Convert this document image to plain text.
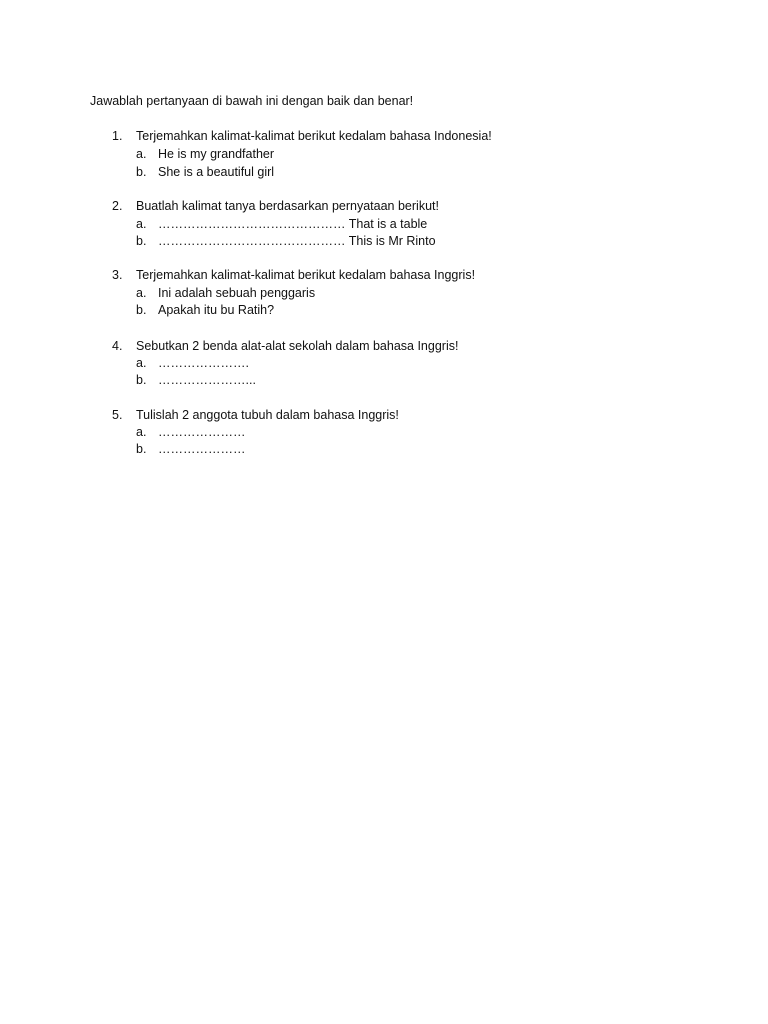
Jawablah pertanyaan di bawah ini dengan baik dan benar!
1. Terjemahkan kalimat-kalimat berikut kedalam bahasa Indonesia!
a. He is my grandfather
b. She is a beautiful girl
2. Buatlah kalimat tanya berdasarkan pernyataan berikut!
a. ……………………………………… That is a table
b. ……………………………………… This is Mr Rinto
3. Terjemahkan kalimat-kalimat berikut kedalam bahasa Inggris!
a. Ini adalah sebuah penggaris
b. Apakah itu bu Ratih?
4. Sebutkan 2 benda alat-alat sekolah dalam bahasa Inggris!
a. ………………….
b. …………………...
5. Tulislah 2 anggota tubuh dalam bahasa Inggris!
a. …………………
b. …………………
